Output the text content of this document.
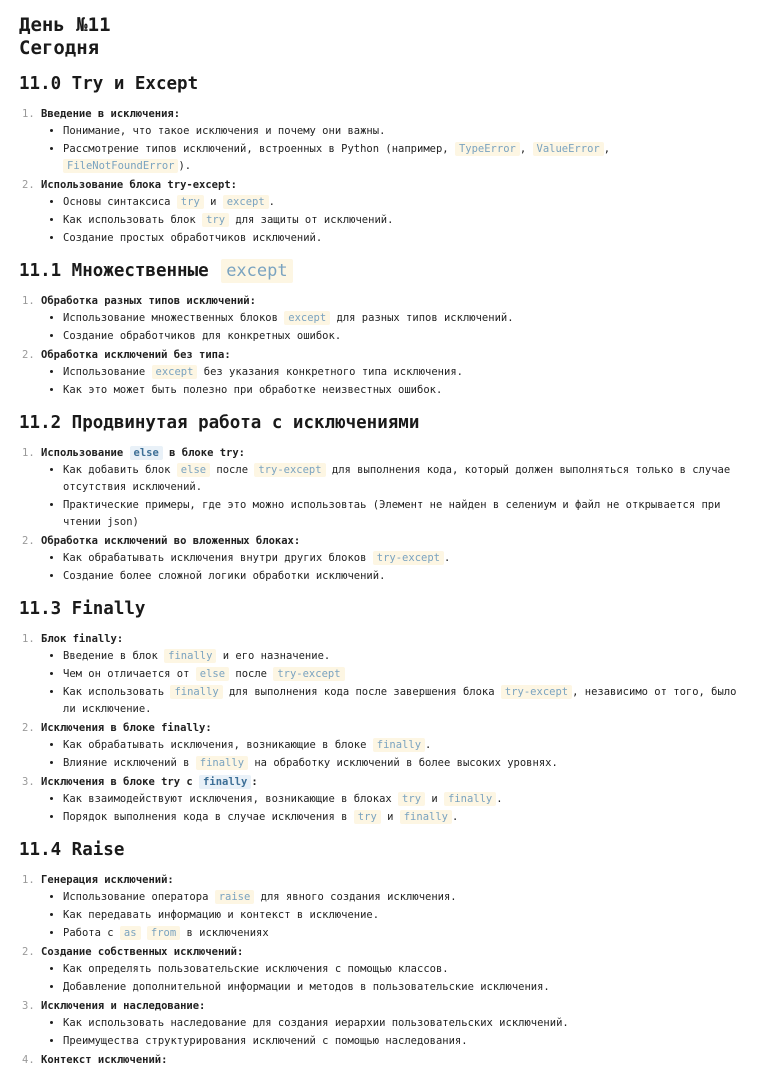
День №11
Сегодня
11.0 Try и Except
1. Введение в исключения:
• Понимание, что такое исключения и почему они важны.
• Рассмотрение типов исключений, встроенных в Python (например, TypeError , ValueError , FileNotFoundError ).
2. Использование блока try-except:
• Основы синтаксиса try и except .
• Как использовать блок try для защиты от исключений.
• Создание простых обработчиков исключений.
11.1 Множественные except
1. Обработка разных типов исключений:
• Использование множественных блоков except для разных типов исключений.
• Создание обработчиков для конкретных ошибок.
2. Обработка исключений без типа:
• Использование except без указания конкретного типа исключения.
• Как это может быть полезно при обработке неизвестных ошибок.
11.2 Продвинутая работа с исключениями
1. Использование else в блоке try:
• Как добавить блок else после try-except для выполнения кода, который должен выполняться только в случае отсутствия исключений.
• Практические примеры, где это можно использовтаь (Элемент не найден в селениум и файл не открывается при чтении json)
2. Обработка исключений во вложенных блоках:
• Как обрабатывать исключения внутри других блоков try-except .
• Создание более сложной логики обработки исключений.
11.3 Finally
1. Блок finally:
• Введение в блок finally и его назначение.
• Чем он отличается от else после try-except
• Как использовать finally для выполнения кода после завершения блока try-except , независимо от того, было ли исключение.
2. Исключения в блоке finally:
• Как обрабатывать исключения, возникающие в блоке finally .
• Влияние исключений в finally на обработку исключений в более высоких уровнях.
3. Исключения в блоке try с finally :
• Как взаимодействуют исключения, возникающие в блоках try и finally .
• Порядок выполнения кода в случае исключения в try и finally .
11.4 Raise
1. Генерация исключений:
• Использование оператора raise для явного создания исключения.
• Как передавать информацию и контекст в исключение.
• Работа с as from в исключениях
2. Создание собственных исключений:
• Как определять пользовательские исключения с помощью классов.
• Добавление дополнительной информации и методов в пользовательские исключения.
3. Исключения и наследование:
• Как использовать наследование для создания иерархии пользовательских исключений.
• Преимущества структурирования исключений с помощью наследования.
4. Контекст исключений:
